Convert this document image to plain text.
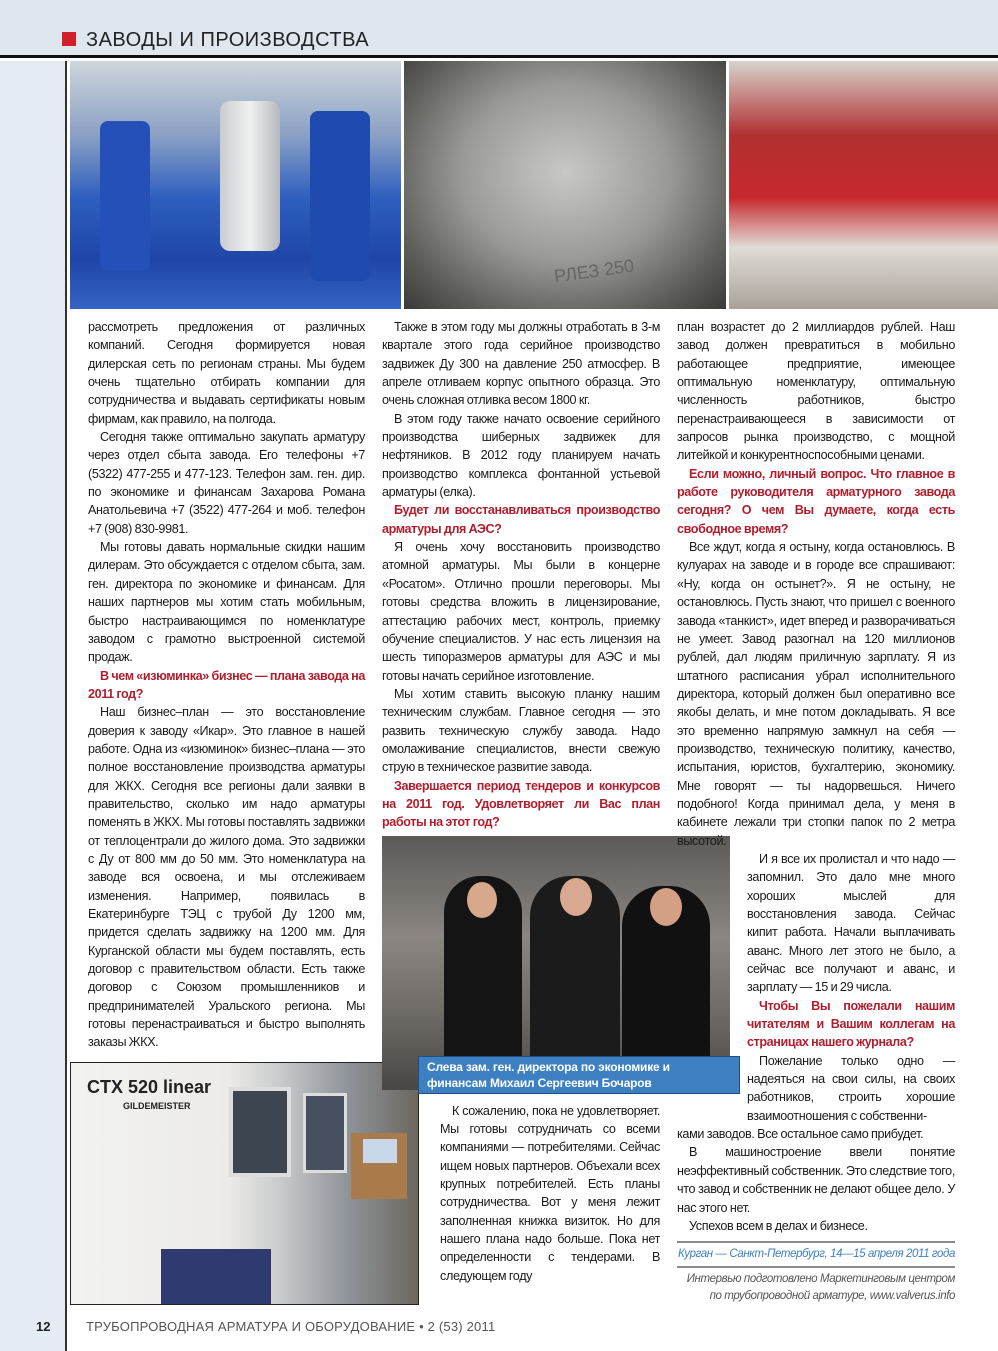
ЗАВОДЫ И ПРОИЗВОДСТВА
РЛЕЗ 250

рассмотреть предложения от различных компаний. Сегодня формируется новая дилерская сеть по регионам страны. Мы будем очень тщательно отбирать компании для сотрудничества и выдавать сертификаты новым фирмам, как правило, на полгода.

Сегодня также оптимально закупать арматуру через отдел сбыта завода. Его телефоны +7 (5322) 477-255 и 477-123. Телефон зам. ген. дир. по экономике и финансам Захарова Романа Анатольевича +7 (3522) 477-264 и моб. телефон +7 (908) 830-9981.

Мы готовы давать нормальные скидки нашим дилерам. Это обсуждается с отделом сбыта, зам. ген. директора по экономике и финансам. Для наших партнеров мы хотим стать мобильным, быстро настраивающимся по номенклатуре заводом с грамотно выстроенной системой продаж.

В чем «изюминка» бизнес — плана завода на 2011 год?

Наш бизнес–план — это восстановление доверия к заводу «Икар». Это главное в нашей работе. Одна из «изюминок» бизнес–плана — это полное восстановление производства арматуры для ЖКХ. Сегодня все регионы дали заявки в правительство, сколько им надо арматуры поменять в ЖКХ. Мы готовы поставлять задвижки от теплоцентрали до жилого дома. Это задвижки с Ду от 800 мм до 50 мм. Это номенклатура на заводе вся освоена, и мы отслеживаем изменения. Например, появилась в Екатеринбурге ТЭЦ с трубой Ду 1200 мм, придется сделать задвижку на 1200 мм. Для Курганской области мы будем поставлять, есть договор с правительством области. Есть также договор с Союзом промышленников и предпринимателей Уральского региона. Мы готовы перенастраиваться и быстро выполнять заказы ЖКХ.

CTX 520 linear
GILDEMEISTER

Также в этом году мы должны отработать в 3-м квартале этого года серийное производство задвижек Ду 300 на давление 250 атмосфер. В апреле отливаем корпус опытного образца. Это очень сложная отливка весом 1800 кг.

В этом году также начато освоение серийного производства шиберных задвижек для нефтяников. В 2012 году планируем начать производство комплекса фонтанной устьевой арматуры (елка).

Будет ли восстанавливаться производство арматуры для АЭС?

Я очень хочу восстановить производство атомной арматуры. Мы были в концерне «Росатом». Отлично прошли переговоры. Мы готовы средства вложить в лицензирование, аттестацию рабочих мест, контроль, приемку обучение специалистов. У нас есть лицензия на шесть типоразмеров арматуры для АЭС и мы готовы начать серийное изготовление.

Мы хотим ставить высокую планку нашим техническим службам. Главное сегодня — это развить техническую службу завода. Надо омолаживание специалистов, внести свежую струю в техническое развитие завода.

Завершается период тендеров и конкурсов на 2011 год. Удовлетворяет ли Вас план работы на этот год?

Слева зам. ген. директора по экономике и финансам Михаил Сергеевич Бочаров

К сожалению, пока не удовлетворяет. Мы готовы сотрудничать со всеми компаниями — потребителями. Сейчас ищем новых партнеров. Объехали всех крупных потребителей. Есть планы сотрудничества. Вот у меня лежит заполненная книжка визиток. Но для нашего плана надо больше. Пока нет определенности с тендерами. В следующем году

план возрастет до 2 миллиардов рублей. Наш завод должен превратиться в мобильно работающее предприятие, имеющее оптимальную номенклатуру, оптимальную численность работников, быстро перенастраивающееся в зависимости от запросов рынка производство, с мощной литейкой и конкурентноспособными ценами.

Если можно, личный вопрос. Что главное в работе руководителя арматурного завода сегодня? О чем Вы думаете, когда есть свободное время?

Все ждут, когда я остыну, когда остановлюсь. В кулуарах на заводе и в городе все спрашивают: «Ну, когда он остынет?». Я не остыну, не остановлюсь. Пусть знают, что пришел с военного завода «танкист», идет вперед и разворачиваться не умеет. Завод разогнал на 120 миллионов рублей, дал людям приличную зарплату. Я из штатного расписания убрал исполнительного директора, который должен был оперативно все якобы делать, и мне потом докладывать. Я все это временно напрямую замкнул на себя — производство, техническую политику, качество, испытания, юристов, бухгалтерию, экономику. Мне говорят — ты надорвешься. Ничего подобного! Когда принимал дела, у меня в кабинете лежали три стопки папок по 2 метра высотой.

И я все их пролистал и что надо — запомнил. Это дало мне много хороших мыслей для восстановления завода. Сейчас кипит работа. Начали выплачивать аванс. Много лет этого не было, а сейчас все получают и аванс, и зарплату — 15 и 29 числа.

Чтобы Вы пожелали нашим читателям и Вашим коллегам на страницах нашего журнала?

Пожелание только одно — надеяться на свои силы, на своих работников, строить хорошие взаимоотношения с собственни-

ками заводов. Все остальное само прибудет.

В машиностроение ввели понятие неэффективный собственник. Это следствие того, что завод и собственник не делают общее дело. У нас этого нет.

Успехов всем в делах и бизнесе.

Курган — Санкт-Петербург, 14—15 апреля 2011 года
Интервью подготовлено Маркетинговым центром
по трубопроводной арматуре, www.valverus.info
12	ТРУБОПРОВОДНАЯ АРМАТУРА И ОБОРУДОВАНИЕ • 2 (53) 2011
